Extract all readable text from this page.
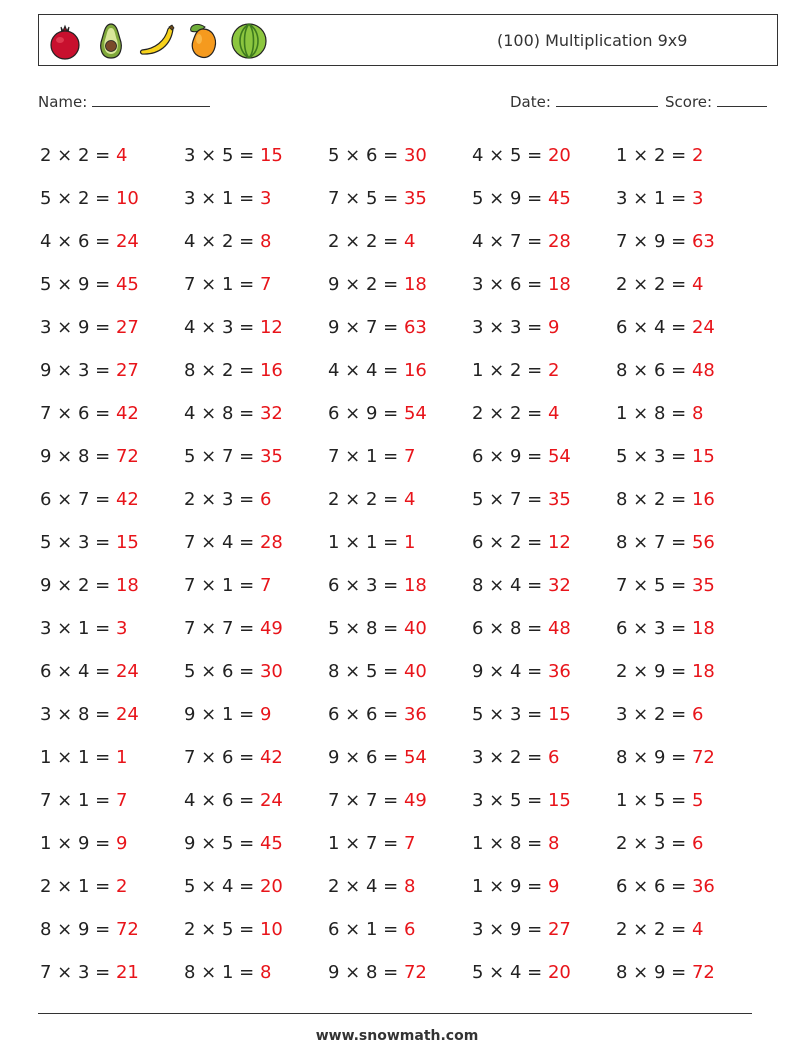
(100) Multiplication 9x9
Name:	Date:	Score:
2 × 2 = 4	3 × 5 = 15	5 × 6 = 30	4 × 5 = 20	1 × 2 = 2
5 × 2 = 10	3 × 1 = 3	7 × 5 = 35	5 × 9 = 45	3 × 1 = 3
4 × 6 = 24	4 × 2 = 8	2 × 2 = 4	4 × 7 = 28	7 × 9 = 63
5 × 9 = 45	7 × 1 = 7	9 × 2 = 18	3 × 6 = 18	2 × 2 = 4
3 × 9 = 27	4 × 3 = 12	9 × 7 = 63	3 × 3 = 9	6 × 4 = 24
9 × 3 = 27	8 × 2 = 16	4 × 4 = 16	1 × 2 = 2	8 × 6 = 48
7 × 6 = 42	4 × 8 = 32	6 × 9 = 54	2 × 2 = 4	1 × 8 = 8
9 × 8 = 72	5 × 7 = 35	7 × 1 = 7	6 × 9 = 54	5 × 3 = 15
6 × 7 = 42	2 × 3 = 6	2 × 2 = 4	5 × 7 = 35	8 × 2 = 16
5 × 3 = 15	7 × 4 = 28	1 × 1 = 1	6 × 2 = 12	8 × 7 = 56
9 × 2 = 18	7 × 1 = 7	6 × 3 = 18	8 × 4 = 32	7 × 5 = 35
3 × 1 = 3	7 × 7 = 49	5 × 8 = 40	6 × 8 = 48	6 × 3 = 18
6 × 4 = 24	5 × 6 = 30	8 × 5 = 40	9 × 4 = 36	2 × 9 = 18
3 × 8 = 24	9 × 1 = 9	6 × 6 = 36	5 × 3 = 15	3 × 2 = 6
1 × 1 = 1	7 × 6 = 42	9 × 6 = 54	3 × 2 = 6	8 × 9 = 72
7 × 1 = 7	4 × 6 = 24	7 × 7 = 49	3 × 5 = 15	1 × 5 = 5
1 × 9 = 9	9 × 5 = 45	1 × 7 = 7	1 × 8 = 8	2 × 3 = 6
2 × 1 = 2	5 × 4 = 20	2 × 4 = 8	1 × 9 = 9	6 × 6 = 36
8 × 9 = 72	2 × 5 = 10	6 × 1 = 6	3 × 9 = 27	2 × 2 = 4
7 × 3 = 21	8 × 1 = 8	9 × 8 = 72	5 × 4 = 20	8 × 9 = 72
www.snowmath.com
